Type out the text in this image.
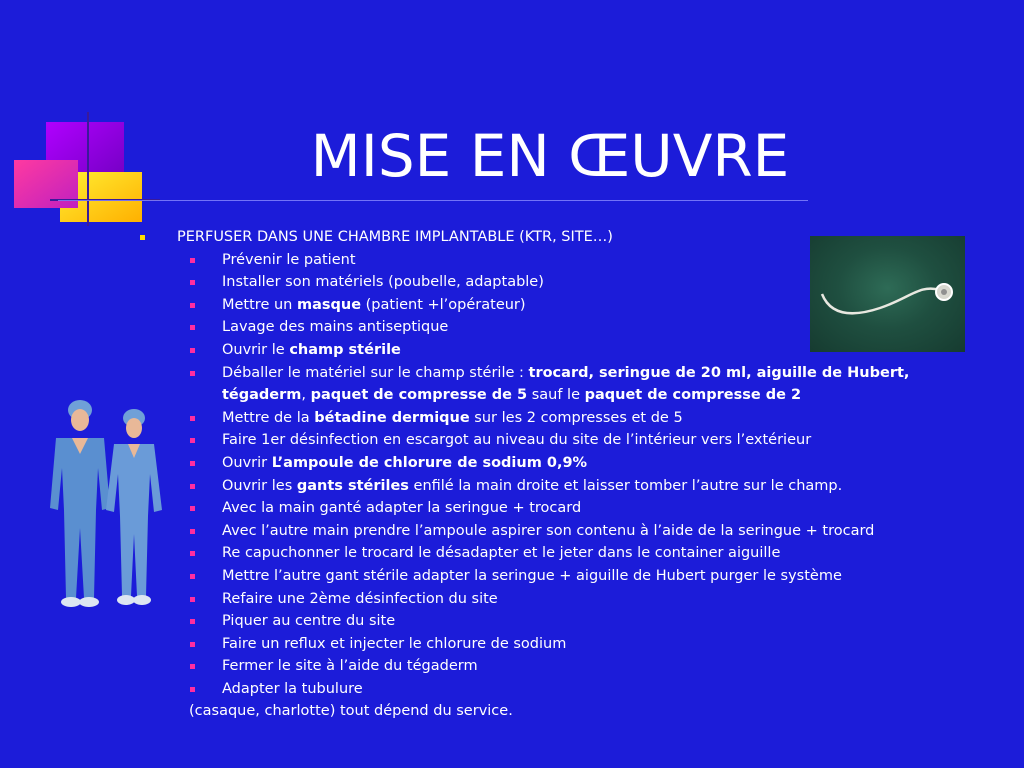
MISE EN ŒUVRE
PERFUSER DANS UNE CHAMBRE IMPLANTABLE (KTR, SITE…)
Prévenir le patient
Installer son matériels (poubelle, adaptable)
Mettre un masque (patient +l’opérateur)
Lavage des mains antiseptique
Ouvrir le champ stérile
Déballer le matériel sur le champ stérile : trocard, seringue de 20 ml, aiguille de Hubert, tégaderm, paquet de compresse de 5 sauf le paquet de compresse de 2
Mettre de la bétadine dermique sur les 2 compresses et de 5
Faire 1er désinfection en escargot au niveau du site de l’intérieur vers l’extérieur
Ouvrir L’ampoule de chlorure de sodium 0,9%
Ouvrir les gants stériles enfilé la main droite et laisser tomber l’autre sur le champ.
Avec la main ganté adapter la seringue + trocard
Avec l’autre main prendre l’ampoule aspirer son contenu à l’aide de la seringue + trocard
Re capuchonner le trocard le désadapter et le jeter dans le container aiguille
Mettre l’autre gant stérile adapter la seringue + aiguille de Hubert purger le système
Refaire une 2ème désinfection du site
Piquer au centre du site
Faire un reflux et injecter le chlorure de sodium
Fermer le site à l’aide du tégaderm
Adapter la tubulure
(casaque, charlotte) tout dépend du service.
